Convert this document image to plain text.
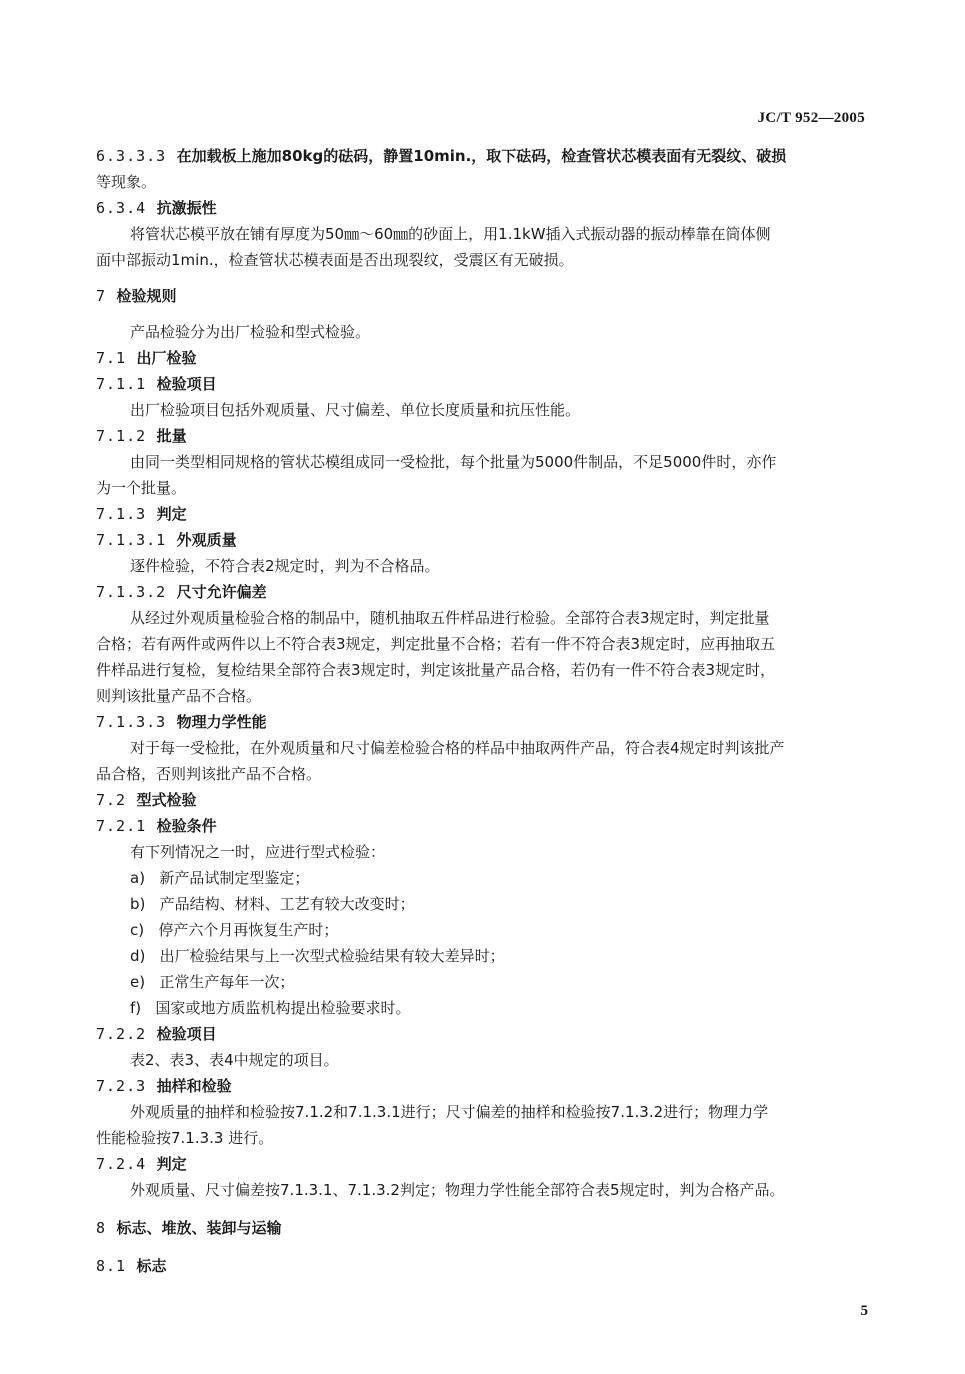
JC/T 952—2005

6.3.3.3  在加载板上施加80kg的砝码，静置10min.，取下砝码，检查管状芯模表面有无裂纹、破损

等现象。

6.3.4  抗激振性

将管状芯模平放在铺有厚度为50㎜～60㎜的砂面上，用1.1kW插入式振动器的振动棒靠在筒体侧

面中部振动1min.，检查管状芯模表面是否出现裂纹，受震区有无破损。

7  检验规则

产品检验分为出厂检验和型式检验。

7.1  出厂检验

7.1.1  检验项目

出厂检验项目包括外观质量、尺寸偏差、单位长度质量和抗压性能。

7.1.2  批量

由同一类型相同规格的管状芯模组成同一受检批，每个批量为5000件制品，不足5000件时，亦作

为一个批量。

7.1.3  判定

7.1.3.1  外观质量

逐件检验，不符合表2规定时，判为不合格品。

7.1.3.2  尺寸允许偏差

从经过外观质量检验合格的制品中，随机抽取五件样品进行检验。全部符合表3规定时，判定批量

合格；若有两件或两件以上不符合表3规定，判定批量不合格；若有一件不符合表3规定时，应再抽取五

件样品进行复检，复检结果全部符合表3规定时，判定该批量产品合格，若仍有一件不符合表3规定时，

则判该批量产品不合格。

7.1.3.3  物理力学性能

对于每一受检批，在外观质量和尺寸偏差检验合格的样品中抽取两件产品，符合表4规定时判该批产

品合格，否则判该批产品不合格。

7.2  型式检验

7.2.1  检验条件

有下列情况之一时，应进行型式检验：

a)   新产品试制定型鉴定；

b)   产品结构、材料、工艺有较大改变时；

c)   停产六个月再恢复生产时；

d)   出厂检验结果与上一次型式检验结果有较大差异时；

e)   正常生产每年一次；

f)   国家或地方质监机构提出检验要求时。

7.2.2  检验项目

表2、表3、表4中规定的项目。

7.2.3  抽样和检验

外观质量的抽样和检验按7.1.2和7.1.3.1进行；尺寸偏差的抽样和检验按7.1.3.2进行；物理力学

性能检验按7.1.3.3 进行。

7.2.4  判定

外观质量、尺寸偏差按7.1.3.1、7.1.3.2判定；物理力学性能全部符合表5规定时，判为合格产品。

8  标志、堆放、装卸与运输

8.1  标志

5
